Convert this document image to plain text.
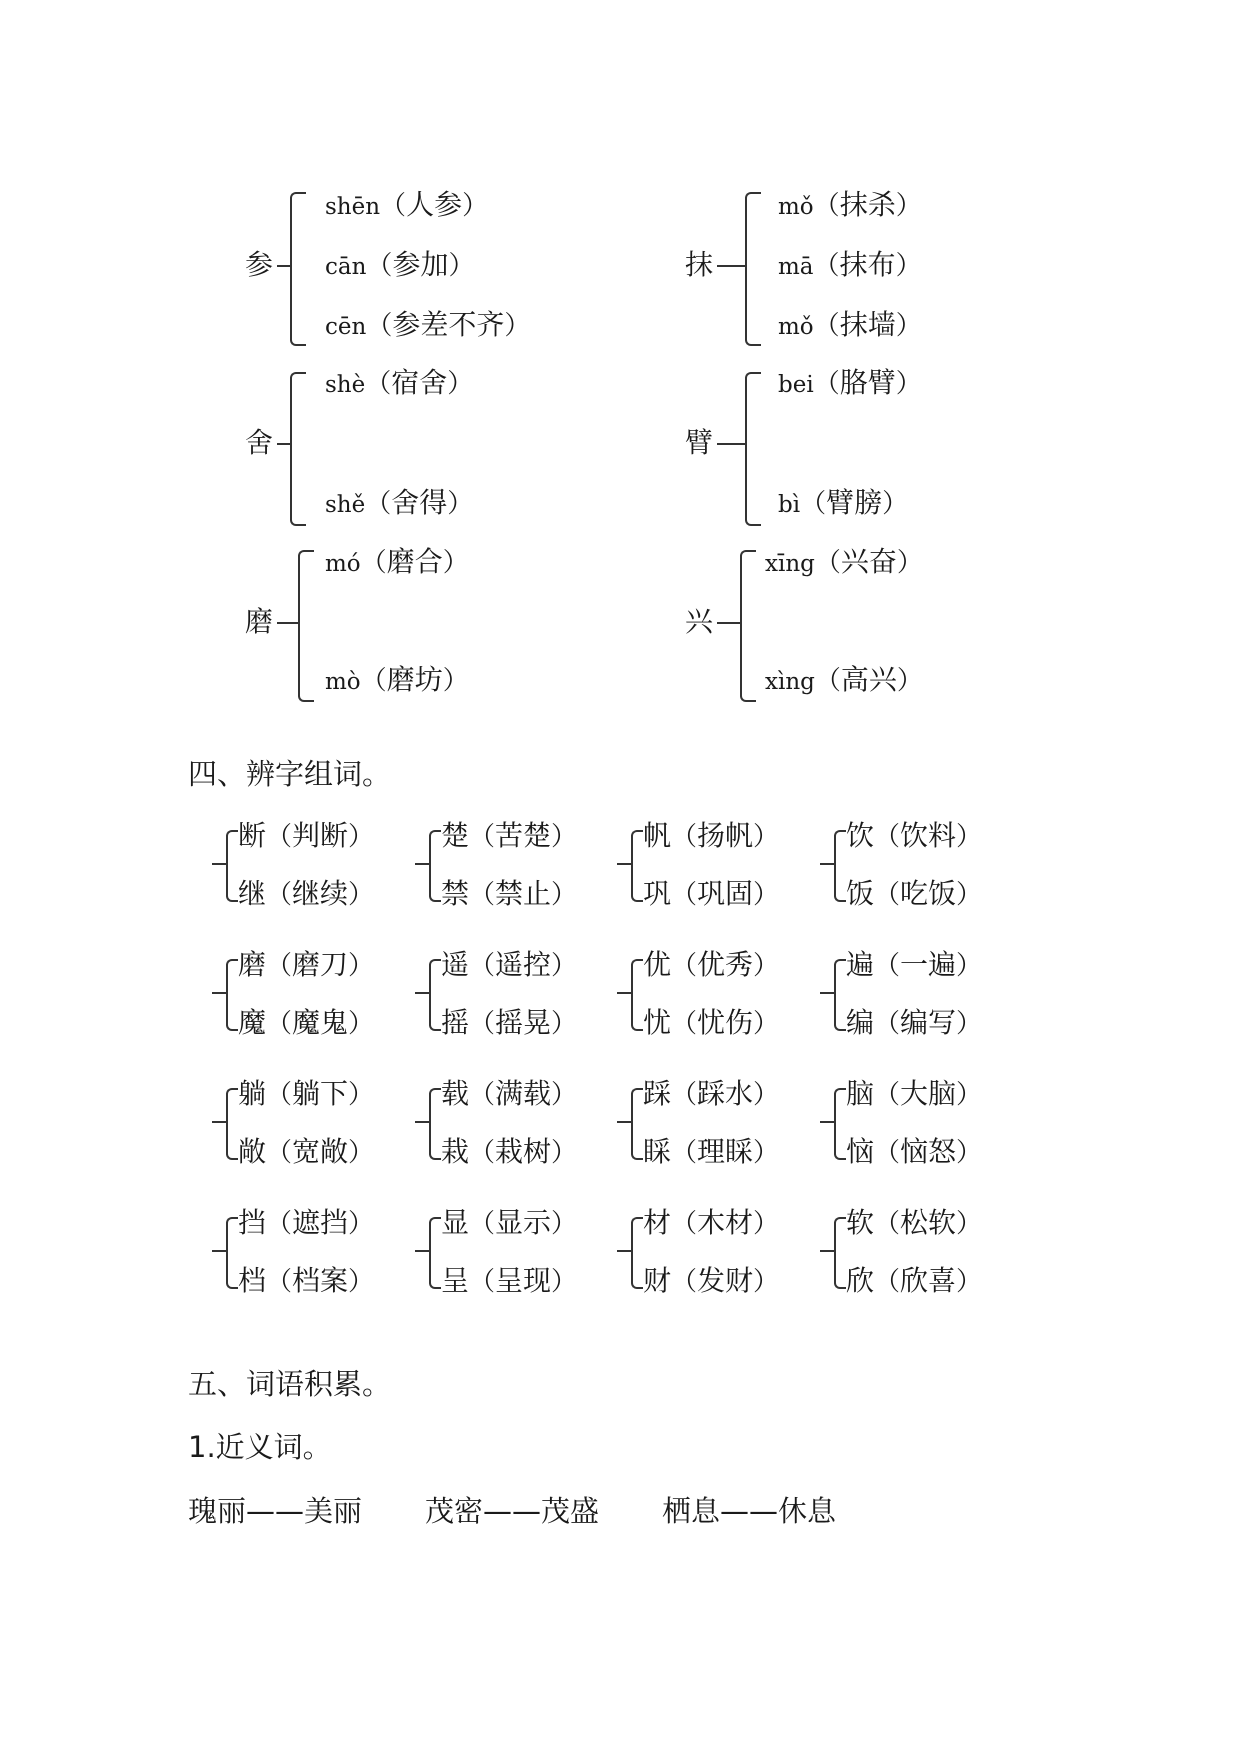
参
shēn（人参）
cān（参加）
cēn（参差不齐）
抹
mǒ（抹杀）
mā（抹布）
mǒ（抹墙）
舍
shè（宿舍）
shě（舍得）
臂
bei（胳臂）
bì（臂膀）
磨
mó（磨合）
mò（磨坊）
兴
xīng（兴奋）
xìng（高兴）
四、辨字组词。
断（判断）
继（继续）
楚（苦楚）
禁（禁止）
帆（扬帆）
巩（巩固）
饮（饮料）
饭（吃饭）
磨（磨刀）
魔（魔鬼）
遥（遥控）
摇（摇晃）
优（优秀）
忧（忧伤）
遍（一遍）
编（编写）
躺（躺下）
敞（宽敞）
载（满载）
栽（栽树）
踩（踩水）
睬（理睬）
脑（大脑）
恼（恼怒）
挡（遮挡）
档（档案）
显（显示）
呈（呈现）
材（木材）
财（发财）
软（松软）
欣（欣喜）
五、词语积累。
1.近义词。
瑰丽——美丽 茂密——茂盛 栖息——休息
